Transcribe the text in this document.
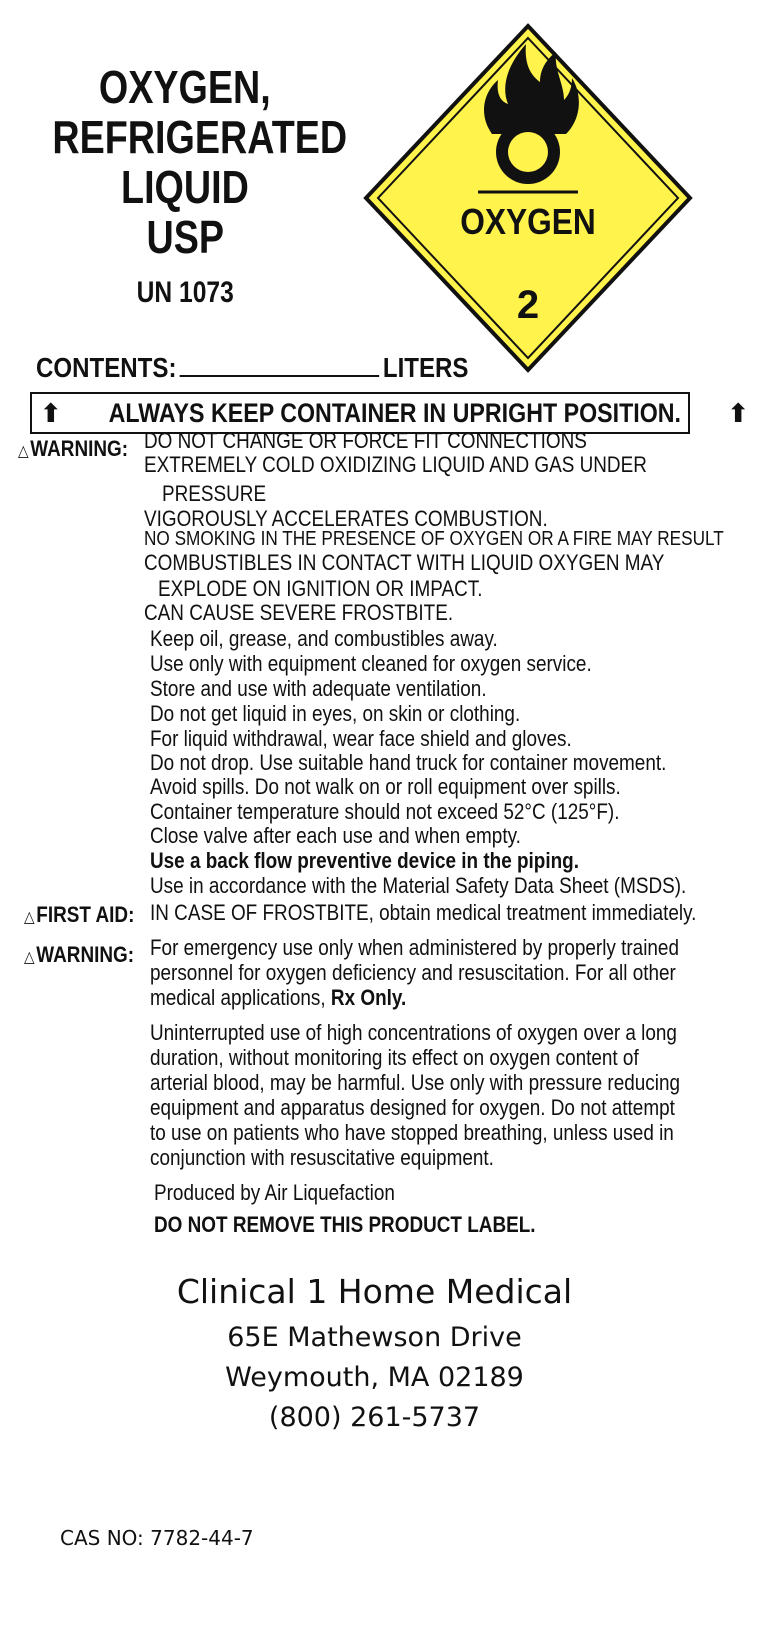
OXYGEN,
REFRIGERATED
LIQUID
USP
UN 1073
OXYGEN
2
CONTENTS:	LITERS
⬆ ALWAYS KEEP CONTAINER IN UPRIGHT POSITION. ⬆
△WARNING: DO NOT CHANGE OR FORCE FIT CONNECTIONS
EXTREMELY COLD OXIDIZING LIQUID AND GAS UNDER
PRESSURE
VIGOROUSLY ACCELERATES COMBUSTION.
NO SMOKING IN THE PRESENCE OF OXYGEN OR A FIRE MAY RESULT
COMBUSTIBLES IN CONTACT WITH LIQUID OXYGEN MAY
EXPLODE ON IGNITION OR IMPACT.
CAN CAUSE SEVERE FROSTBITE.
Keep oil, grease, and combustibles away.
Use only with equipment cleaned for oxygen service.
Store and use with adequate ventilation.
Do not get liquid in eyes, on skin or clothing.
For liquid withdrawal, wear face shield and gloves.
Do not drop. Use suitable hand truck for container movement.
Avoid spills. Do not walk on or roll equipment over spills.
Container temperature should not exceed 52°C (125°F).
Close valve after each use and when empty.
Use a back flow preventive device in the piping.
Use in accordance with the Material Safety Data Sheet (MSDS).
△FIRST AID: IN CASE OF FROSTBITE, obtain medical treatment immediately.
△WARNING: For emergency use only when administered by properly trained
personnel for oxygen deficiency and resuscitation. For all other
medical applications, Rx Only.
Uninterrupted use of high concentrations of oxygen over a long
duration, without monitoring its effect on oxygen content of
arterial blood, may be harmful. Use only with pressure reducing
equipment and apparatus designed for oxygen. Do not attempt
to use on patients who have stopped breathing, unless used in
conjunction with resuscitative equipment.
Produced by Air Liquefaction
DO NOT REMOVE THIS PRODUCT LABEL.
Clinical 1 Home Medical
65E Mathewson Drive
Weymouth, MA 02189
(800) 261-5737
CAS NO: 7782-44-7
